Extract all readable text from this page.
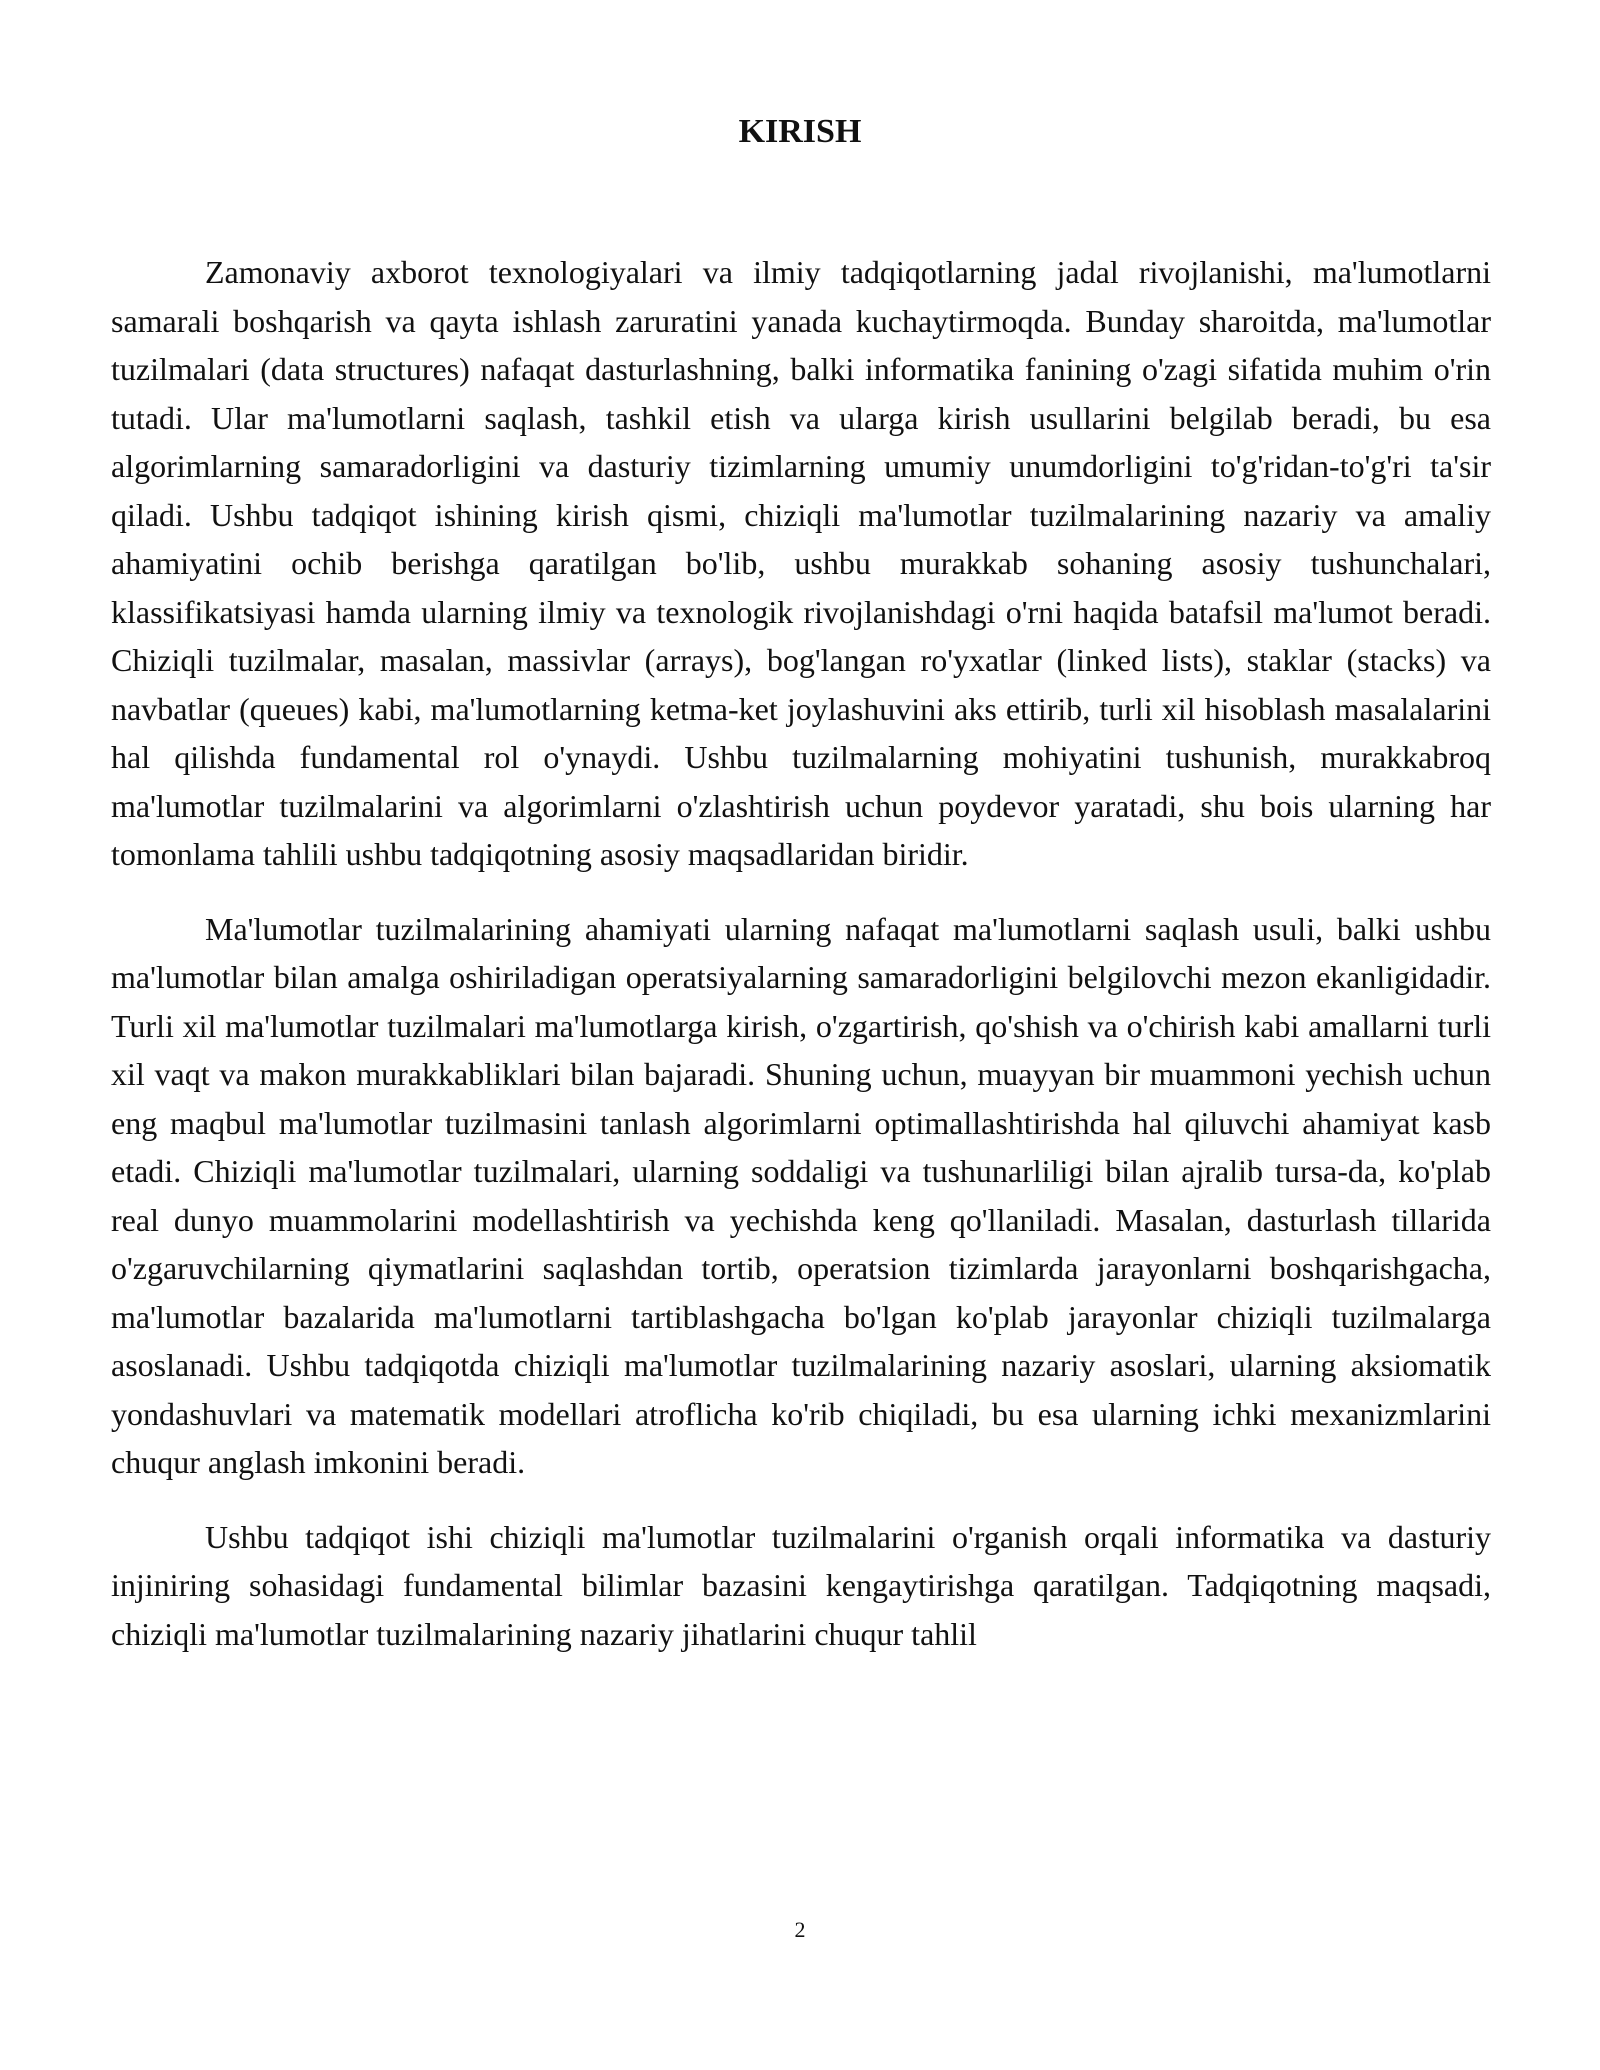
KIRISH

Zamonaviy axborot texnologiyalari va ilmiy tadqiqotlarning jadal rivojlanishi, ma'lumotlarni samarali boshqarish va qayta ishlash zaruratini yanada kuchaytirmoqda. Bunday sharoitda, ma'lumotlar tuzilmalari (data structures) nafaqat dasturlashning, balki informatika fanining o'zagi sifatida muhim o'rin tutadi. Ular ma'lumotlarni saqlash, tashkil etish va ularga kirish usullarini belgilab beradi, bu esa algorimlarning samaradorligini va dasturiy tizimlarning umumiy unumdorligini to'g'ridan-to'g'ri ta'sir qiladi. Ushbu tadqiqot ishining kirish qismi, chiziqli ma'lumotlar tuzilmalarining nazariy va amaliy ahamiyatini ochib berishga qaratilgan bo'lib, ushbu murakkab sohaning asosiy tushunchalari, klassifikatsiyasi hamda ularning ilmiy va texnologik rivojlanishdagi o'rni haqida batafsil ma'lumot beradi. Chiziqli tuzilmalar, masalan, massivlar (arrays), bog'langan ro'yxatlar (linked lists), staklar (stacks) va navbatlar (queues) kabi, ma'lumotlarning ketma-ket joylashuvini aks ettirib, turli xil hisoblash masalalarini hal qilishda fundamental rol o'ynaydi. Ushbu tuzilmalarning mohiyatini tushunish, murakkabroq ma'lumotlar tuzilmalarini va algorimlarni o'zlashtirish uchun poydevor yaratadi, shu bois ularning har tomonlama tahlili ushbu tadqiqotning asosiy maqsadlaridan biridir.

Ma'lumotlar tuzilmalarining ahamiyati ularning nafaqat ma'lumotlarni saqlash usuli, balki ushbu ma'lumotlar bilan amalga oshiriladigan operatsiyalarning samaradorligini belgilovchi mezon ekanligidadir. Turli xil ma'lumotlar tuzilmalari ma'lumotlarga kirish, o'zgartirish, qo'shish va o'chirish kabi amallarni turli xil vaqt va makon murakkabliklari bilan bajaradi. Shuning uchun, muayyan bir muammoni yechish uchun eng maqbul ma'lumotlar tuzilmasini tanlash algorimlarni optimallashtirishda hal qiluvchi ahamiyat kasb etadi. Chiziqli ma'lumotlar tuzilmalari, ularning soddaligi va tushunarliligi bilan ajralib tursa-da, ko'plab real dunyo muammolarini modellashtirish va yechishda keng qo'llaniladi. Masalan, dasturlash tillarida o'zgaruvchilarning qiymatlarini saqlashdan tortib, operatsion tizimlarda jarayonlarni boshqarishgacha, ma'lumotlar bazalarida ma'lumotlarni tartiblashgacha bo'lgan ko'plab jarayonlar chiziqli tuzilmalarga asoslanadi. Ushbu tadqiqotda chiziqli ma'lumotlar tuzilmalarining nazariy asoslari, ularning aksiomatik yondashuvlari va matematik modellari atroflicha ko'rib chiqiladi, bu esa ularning ichki mexanizmlarini chuqur anglash imkonini beradi.

Ushbu tadqiqot ishi chiziqli ma'lumotlar tuzilmalarini o'rganish orqali informatika va dasturiy injiniring sohasidagi fundamental bilimlar bazasini kengaytirishga qaratilgan. Tadqiqotning maqsadi, chiziqli ma'lumotlar tuzilmalarining nazariy jihatlarini chuqur tahlil

2
